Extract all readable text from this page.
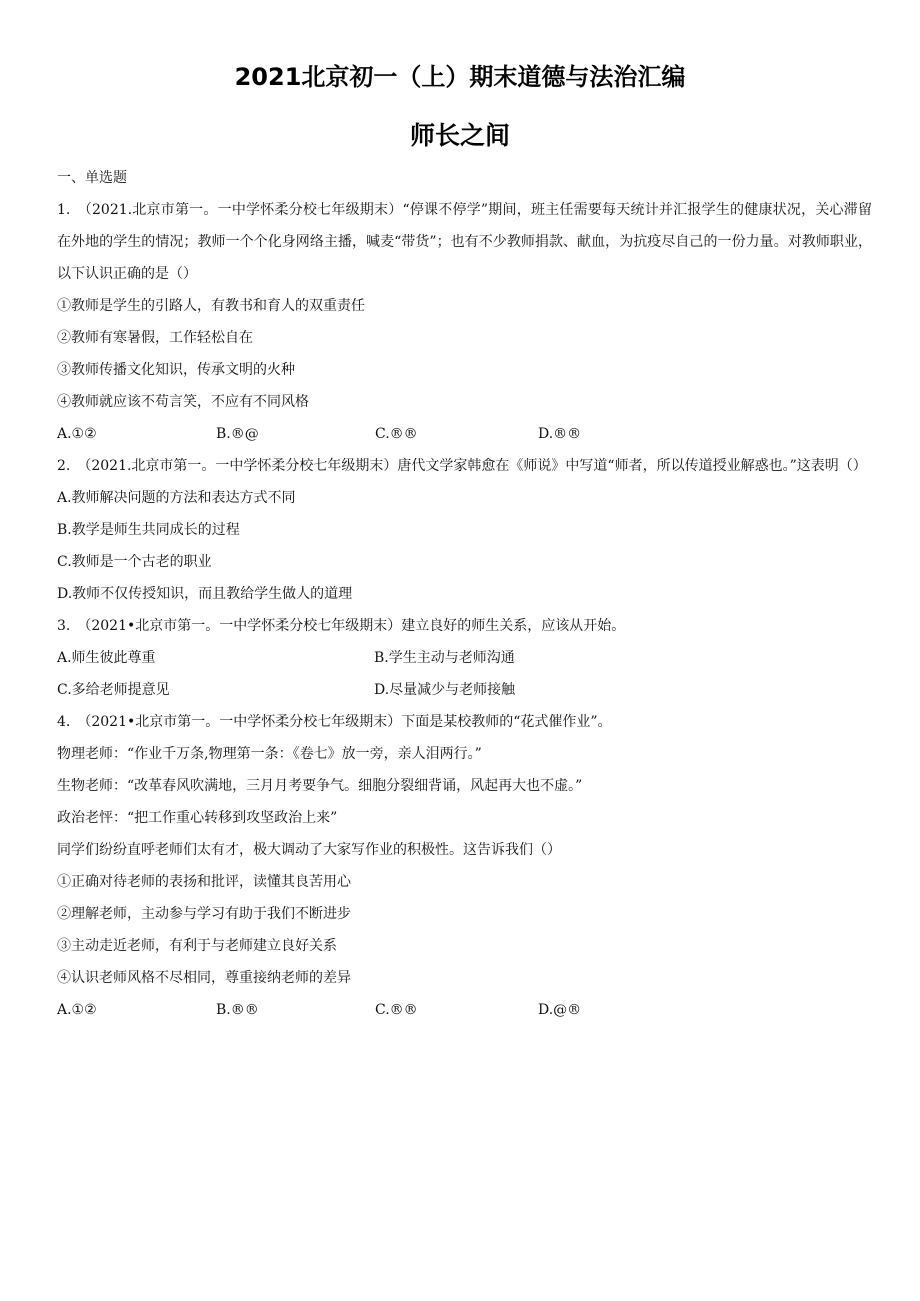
2021北京初一（上）期末道德与法治汇编
师长之间
一、单选题
1.　（2021.北京市第一。一中学怀柔分校七年级期末）“停课不停学”期间，班主任需要每天统计并汇报学生的健康状况，关心滞留在外地的学生的情况；教师一个个化身网络主播，喊麦“带货”；也有不少教师捐款、献血，为抗疫尽自己的一份力量。对教师职业，以下认识正确的是（）
①教师是学生的引路人，有教书和育人的双重责任
②教师有寒暑假，工作轻松自在
③教师传播文化知识，传承文明的火种
④教师就应该不苟言笑，不应有不同风格
A.①②	B.®@	C.®®	D.®®
2.　（2021.北京市第一。一中学怀柔分校七年级期末）唐代文学家韩愈在《师说》中写道“师者，所以传道授业解惑也。”这表明（）
A.教师解决问题的方法和表达方式不同
B.教学是师生共同成长的过程
C.教师是一个古老的职业
D.教师不仅传授知识，而且教给学生做人的道理
3.　（2021•北京市第一。一中学怀柔分校七年级期末）建立良好的师生关系，应该从开始。
A.师生彼此尊重	B.学生主动与老师沟通
C.多给老师提意见	D.尽量减少与老师接触
4.　（2021•北京市第一。一中学怀柔分校七年级期末）下面是某校教师的“花式催作业”。
物理老师：“作业千万条,物理第一条：《卷七》放一旁，亲人泪两行。”
生物老师：“改革春风吹满地，三月月考要争气。细胞分裂细背诵，风起再大也不虚。”
政治老怦：“把工作重心转移到攻坚政治上来”
同学们纷纷直呼老师们太有才，极大调动了大家写作业的积极性。这告诉我们（）
①正确对待老师的表扬和批评，读懂其良苦用心
②理解老师，主动参与学习有助于我们不断进步
③主动走近老师，有利于与老师建立良好关系
④认识老师风格不尽相同，尊重接纳老师的差异
A.①②	B.®®	C.®®	D.@®
